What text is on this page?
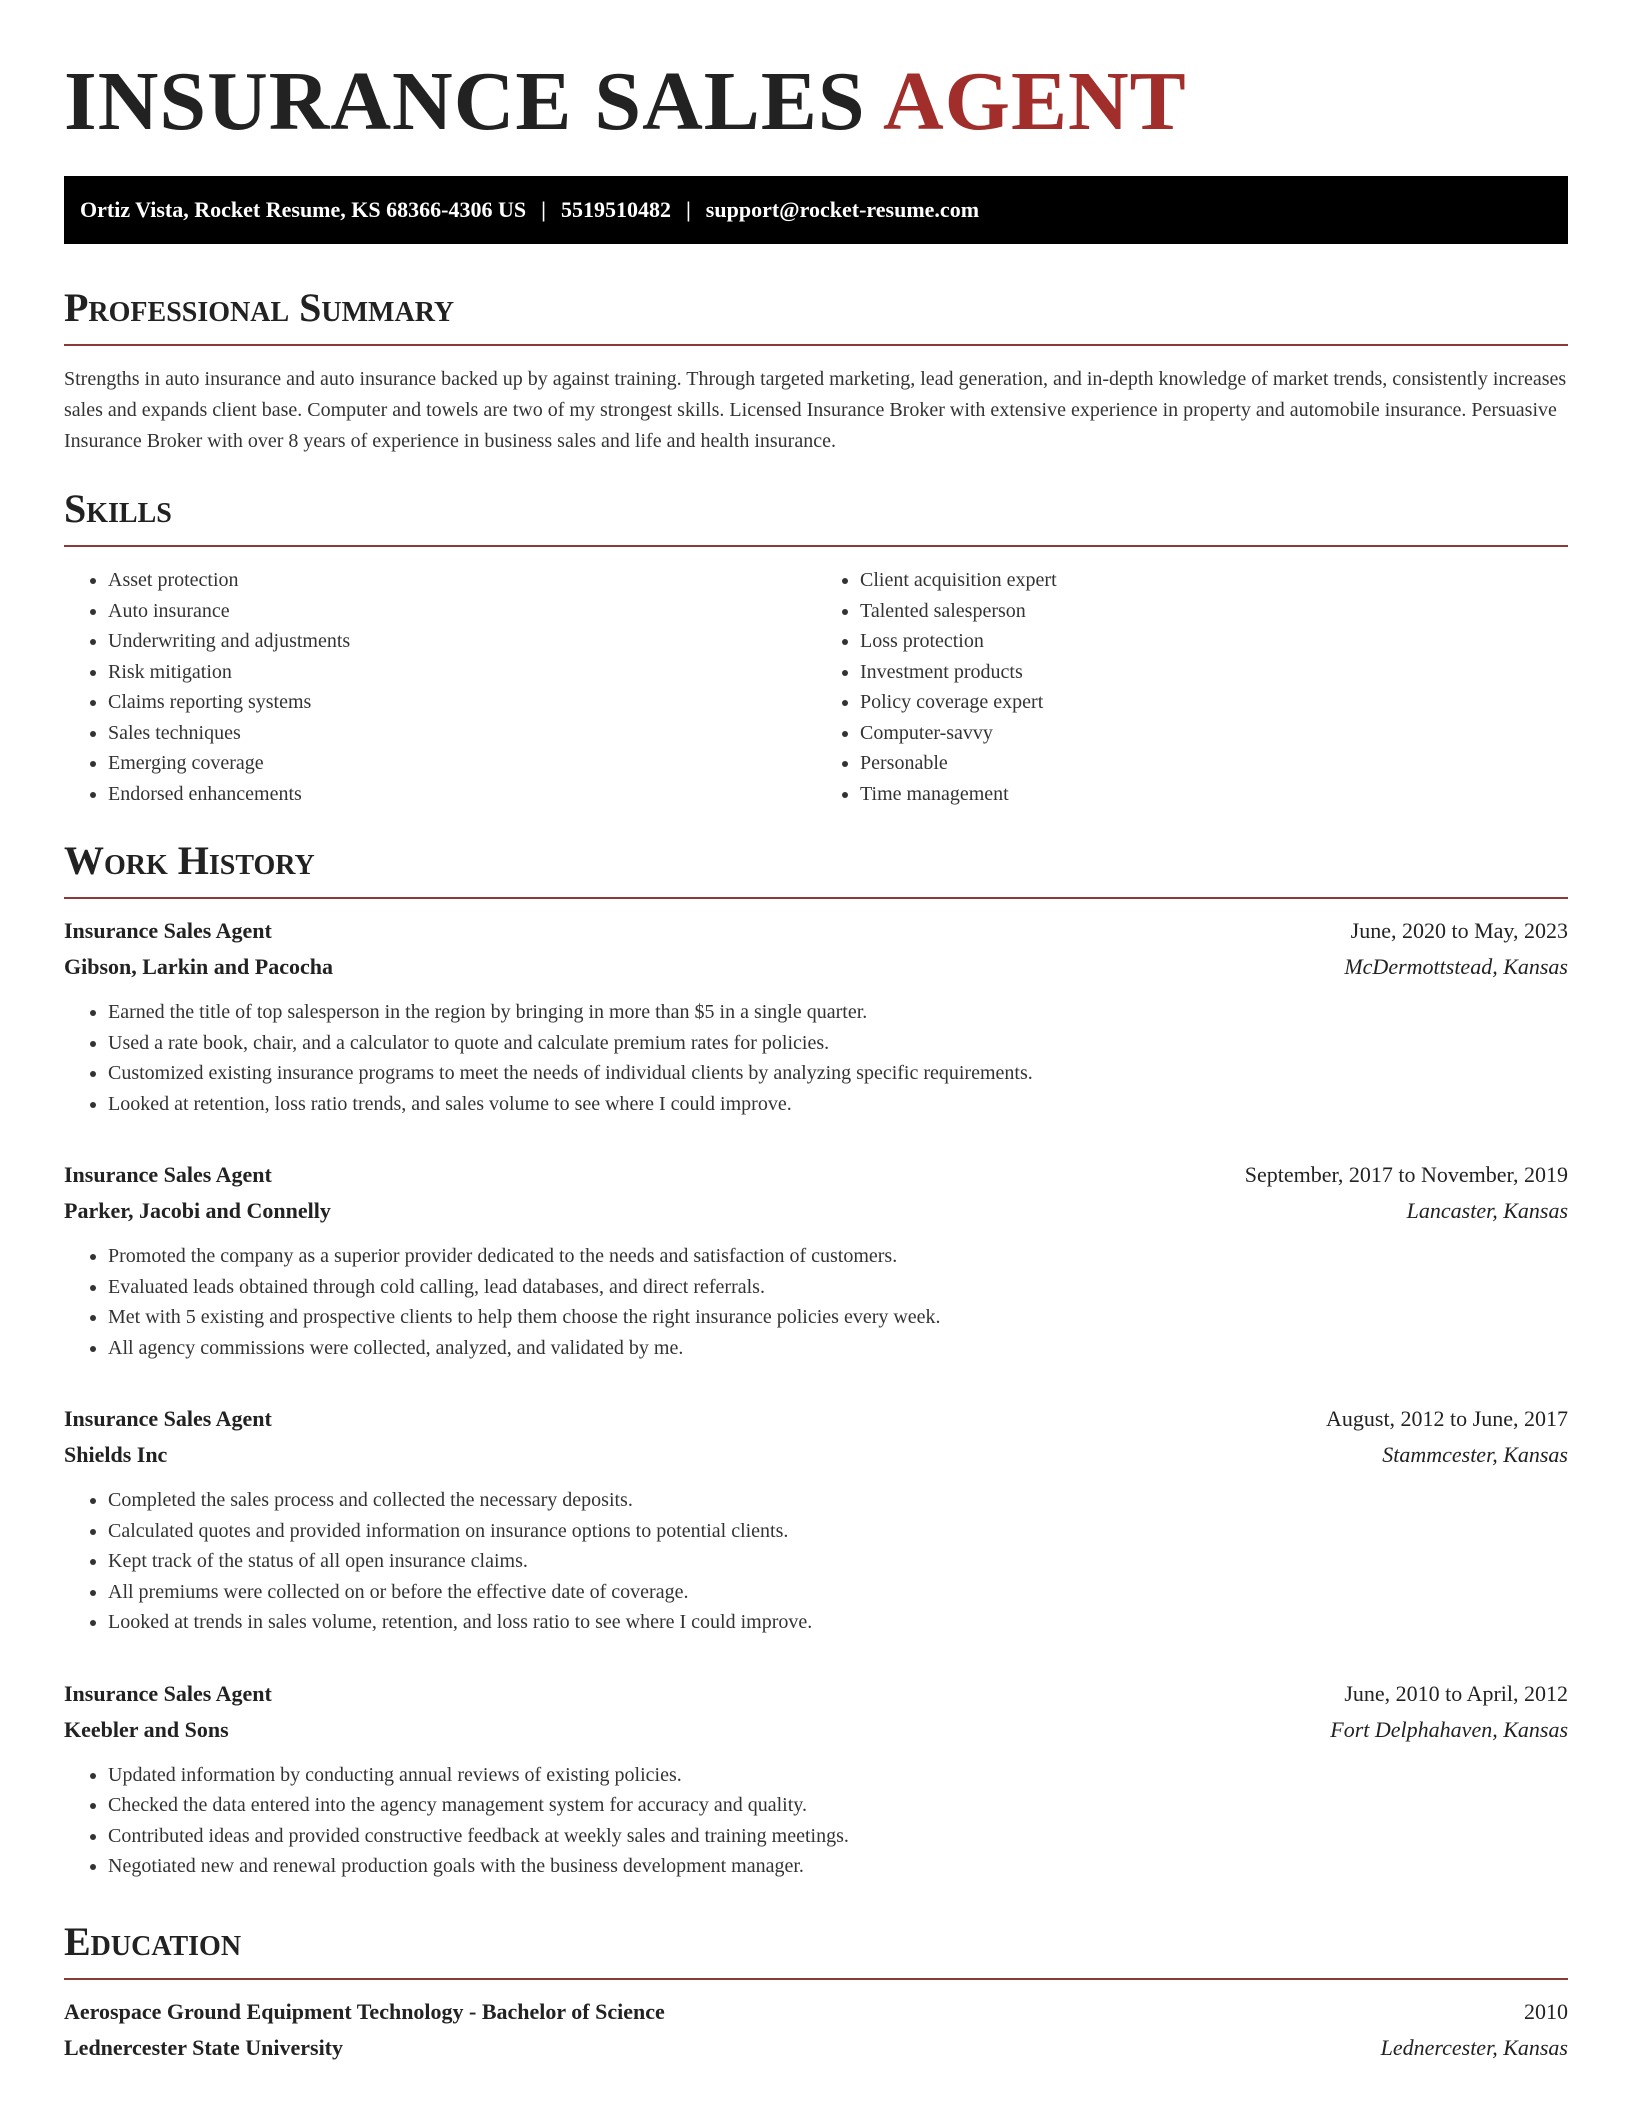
INSURANCE SALES AGENT
Ortiz Vista, Rocket Resume, KS 68366-4306 US | 5519510482 | support@rocket-resume.com
Professional Summary

Strengths in auto insurance and auto insurance backed up by against training. Through targeted marketing, lead generation, and in-depth knowledge of market trends, consistently increases sales and expands client base. Computer and towels are two of my strongest skills. Licensed Insurance Broker with extensive experience in property and automobile insurance. Persuasive Insurance Broker with over 8 years of experience in business sales and life and health insurance.

Skills
• Asset protection
• Auto insurance
• Underwriting and adjustments
• Risk mitigation
• Claims reporting systems
• Sales techniques
• Emerging coverage
• Endorsed enhancements
• Client acquisition expert
• Talented salesperson
• Loss protection
• Investment products
• Policy coverage expert
• Computer-savvy
• Personable
• Time management
Work History
Insurance Sales Agent	June, 2020 to May, 2023
Gibson, Larkin and Pacocha	McDermottstead, Kansas
• Earned the title of top salesperson in the region by bringing in more than $5 in a single quarter.
• Used a rate book, chair, and a calculator to quote and calculate premium rates for policies.
• Customized existing insurance programs to meet the needs of individual clients by analyzing specific requirements.
• Looked at retention, loss ratio trends, and sales volume to see where I could improve.
Insurance Sales Agent	September, 2017 to November, 2019
Parker, Jacobi and Connelly	Lancaster, Kansas
• Promoted the company as a superior provider dedicated to the needs and satisfaction of customers.
• Evaluated leads obtained through cold calling, lead databases, and direct referrals.
• Met with 5 existing and prospective clients to help them choose the right insurance policies every week.
• All agency commissions were collected, analyzed, and validated by me.
Insurance Sales Agent	August, 2012 to June, 2017
Shields Inc	Stammcester, Kansas
• Completed the sales process and collected the necessary deposits.
• Calculated quotes and provided information on insurance options to potential clients.
• Kept track of the status of all open insurance claims.
• All premiums were collected on or before the effective date of coverage.
• Looked at trends in sales volume, retention, and loss ratio to see where I could improve.
Insurance Sales Agent	June, 2010 to April, 2012
Keebler and Sons	Fort Delphahaven, Kansas
• Updated information by conducting annual reviews of existing policies.
• Checked the data entered into the agency management system for accuracy and quality.
• Contributed ideas and provided constructive feedback at weekly sales and training meetings.
• Negotiated new and renewal production goals with the business development manager.
Education
Aerospace Ground Equipment Technology - Bachelor of Science	2010
Lednercester State University	Lednercester, Kansas
